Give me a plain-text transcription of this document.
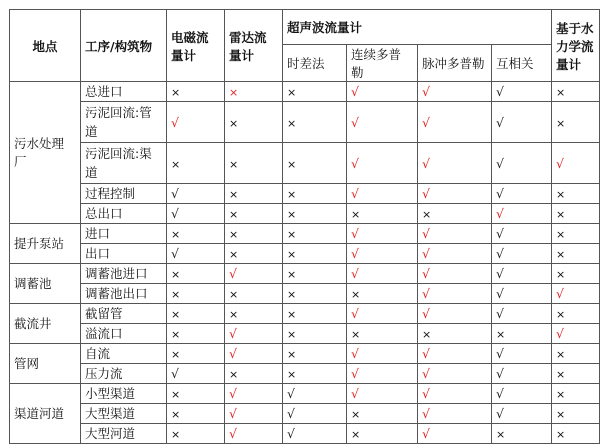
地点	工序/构筑物	电磁流量计	雷达流量计	超声波流量计				基于水力学流量计
				时差法	连续多普勒	脉冲多普勒	互相关	
污水处理厂	总进口	×	×	×	√	√	√	×
	污泥回流:管道	√	×	×	√	√	√	×
	污泥回流:渠道	×	×	×	√	√	√	√
	过程控制	√	×	×	√	√	√	×
	总出口	√	×	×	×	×	√	×
提升泵站	进口	×	×	×	√	√	√	×
	出口	√	×	×	√	√	√	×
调蓄池	调蓄池进口	×	√	×	√	√	√	×
	调蓄池出口	×	×	×	×	√	√	√
截流井	截留管	×	×	×	√	√	√	×
	溢流口	×	√	×	×	×	×	√
管网	自流	×	√	×	√	√	√	×
	压力流	√	×	×	√	√	√	×
渠道河道	小型渠道	×	√	√	√	√	√	×
	大型渠道	×	√	√	×	√	√	×
	大型河道	×	√	√	×	√	×	×
